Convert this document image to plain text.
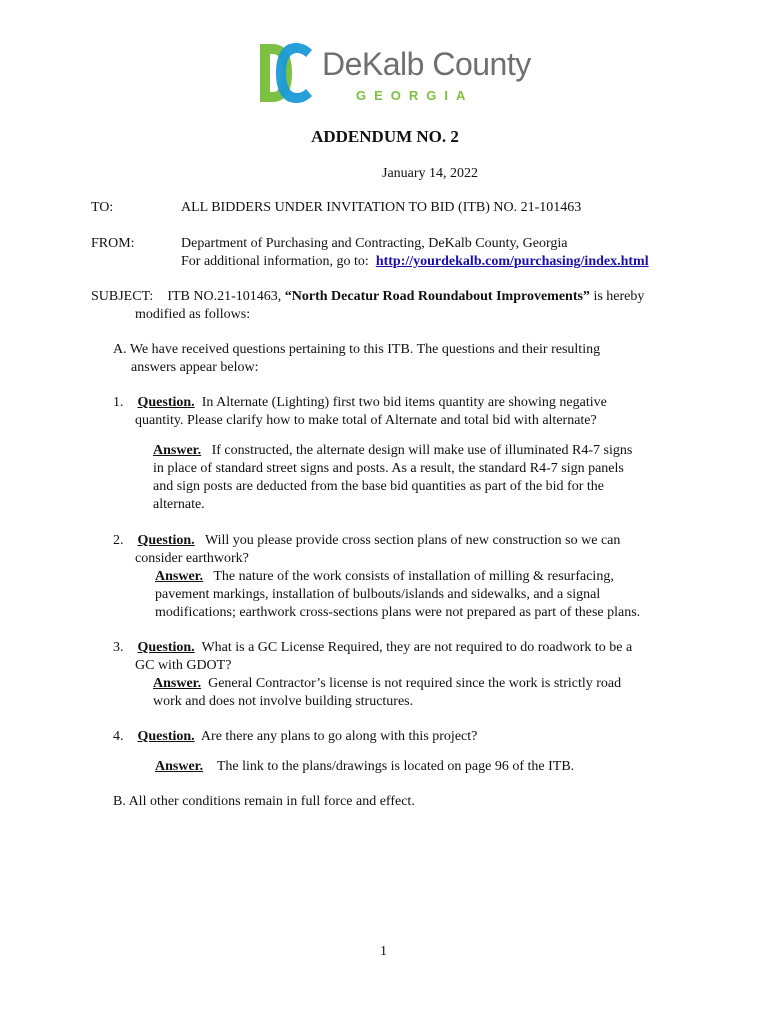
DeKalb County
GEORGIA
ADDENDUM NO. 2
January 14, 2022
TO:	ALL BIDDERS UNDER INVITATION TO BID (ITB) NO. 21-101463
FROM:	Department of Purchasing and Contracting, DeKalb County, Georgia
For additional information, go to: http://yourdekalb.com/purchasing/index.html
SUBJECT: ITB NO.21-101463, “North Decatur Road Roundabout Improvements” is hereby
modified as follows:
A. We have received questions pertaining to this ITB. The questions and their resulting
answers appear below:
1. Question. In Alternate (Lighting) first two bid items quantity are showing negative
quantity. Please clarify how to make total of Alternate and total bid with alternate?
Answer. If constructed, the alternate design will make use of illuminated R4-7 signs
in place of standard street signs and posts. As a result, the standard R4-7 sign panels
and sign posts are deducted from the base bid quantities as part of the bid for the
alternate.
2. Question. Will you please provide cross section plans of new construction so we can
consider earthwork?
Answer. The nature of the work consists of installation of milling & resurfacing,
pavement markings, installation of bulbouts/islands and sidewalks, and a signal
modifications; earthwork cross-sections plans were not prepared as part of these plans.
3. Question. What is a GC License Required, they are not required to do roadwork to be a
GC with GDOT?
Answer. General Contractor’s license is not required since the work is strictly road
work and does not involve building structures.
4. Question. Are there any plans to go along with this project?
Answer. The link to the plans/drawings is located on page 96 of the ITB.
B. All other conditions remain in full force and effect.
1
